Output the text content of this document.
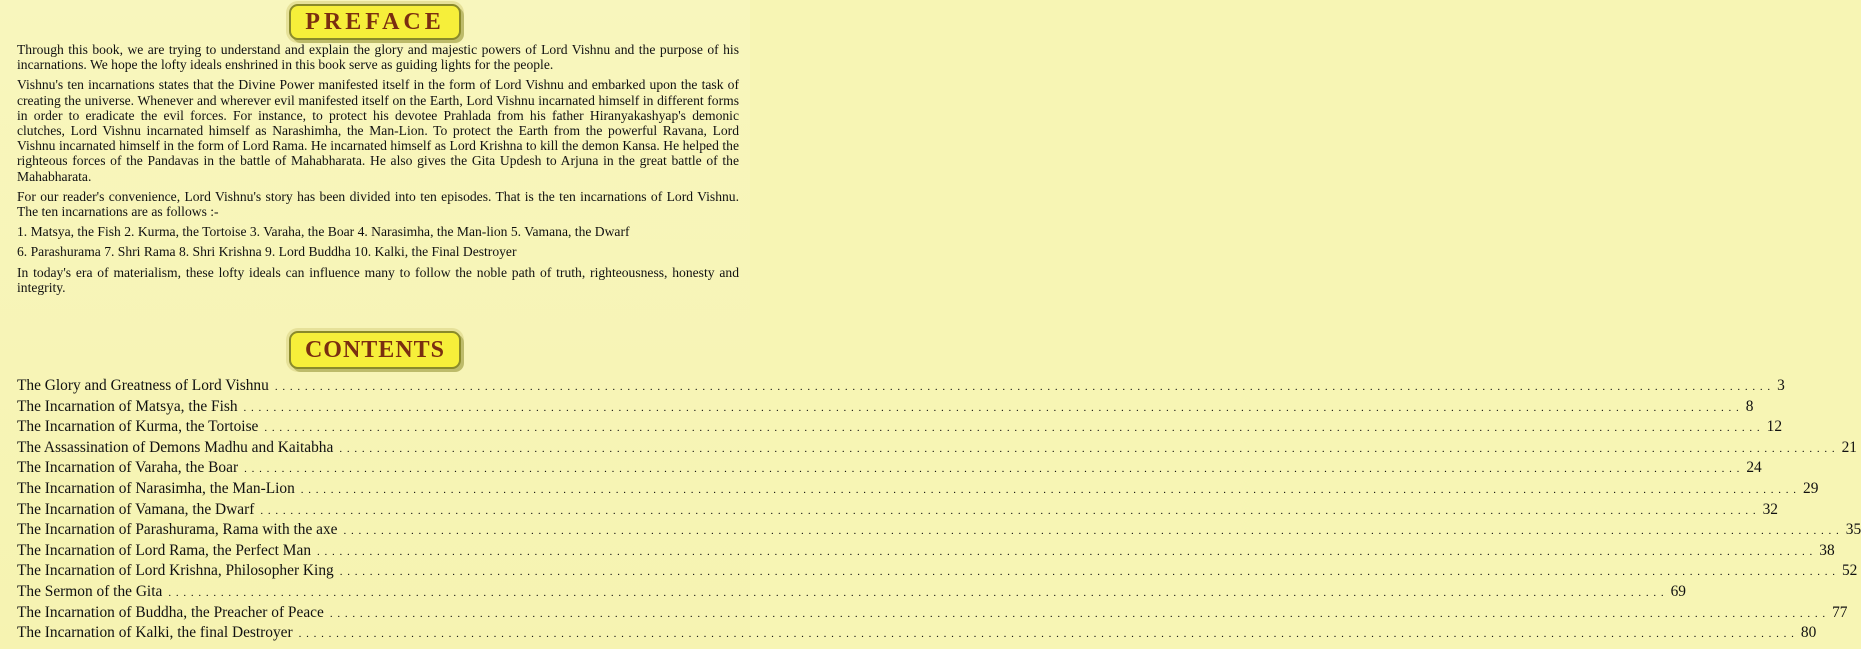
PREFACE

Through this book, we are trying to understand and explain the glory and majestic powers of Lord Vishnu and the purpose of his incarnations. We hope the lofty ideals enshrined in this book serve as guiding lights for the people.

Vishnu's ten incarnations states that the Divine Power manifested itself in the form of Lord Vishnu and embarked upon the task of creating the universe. Whenever and wherever evil manifested itself on the Earth, Lord Vishnu incarnated himself in different forms in order to eradicate the evil forces. For instance, to protect his devotee Prahlada from his father Hiranyakashyap's demonic clutches, Lord Vishnu incarnated himself as Narashimha, the Man-Lion. To protect the Earth from the powerful Ravana, Lord Vishnu incarnated himself in the form of Lord Rama. He incarnated himself as Lord Krishna to kill the demon Kansa. He helped the righteous forces of the Pandavas in the battle of Mahabharata. He also gives the Gita Updesh to Arjuna in the great battle of the Mahabharata.

For our reader's convenience, Lord Vishnu's story has been divided into ten episodes. That is the ten incarnations of Lord Vishnu. The ten incarnations are as follows :-

1. Matsya, the Fish 2. Kurma, the Tortoise 3. Varaha, the Boar 4. Narasimha, the Man-lion 5. Vamana, the Dwarf

6. Parashurama 7. Shri Rama 8. Shri Krishna 9. Lord Buddha 10. Kalki, the Final Destroyer

In today's era of materialism, these lofty ideals can influence many to follow the noble path of truth, righteousness, honesty and integrity.

CONTENTS
The Glory and Greatness of Lord Vishnu . . . . . . . . . . . . . . . . . . . . . . . . . . . . . . . . . . . . . . . . . . . . . . . . . . . . . . . . . . . . . . . . . . . . . . . . . . . . . . . . . . . . . . . . . . . . . . . . . . . . . . . . . . . . . . . . . . . . . . . . . . . . . . . . . . . . . . . . . . . . . . . . . . . . . . . . . . . . . . . . . . . . . . . . . . . . . . . . . . . . . . . . . . . . . . . . . . . . . . . . 3
The Incarnation of Matsya, the Fish . . . . . . . . . . . . . . . . . . . . . . . . . . . . . . . . . . . . . . . . . . . . . . . . . . . . . . . . . . . . . . . . . . . . . . . . . . . . . . . . . . . . . . . . . . . . . . . . . . . . . . . . . . . . . . . . . . . . . . . . . . . . . . . . . . . . . . . . . . . . . . . . . . . . . . . . . . . . . . . . . . . . . . . . . . . . . . . . . . . . . . . . . . . . . . . . . . . . . . . . 8
The Incarnation of Kurma, the Tortoise . . . . . . . . . . . . . . . . . . . . . . . . . . . . . . . . . . . . . . . . . . . . . . . . . . . . . . . . . . . . . . . . . . . . . . . . . . . . . . . . . . . . . . . . . . . . . . . . . . . . . . . . . . . . . . . . . . . . . . . . . . . . . . . . . . . . . . . . . . . . . . . . . . . . . . . . . . . . . . . . . . . . . . . . . . . . . . . . . . . . . . . . . . . . . . . . . . . . . . . . 12
The Assassination of Demons Madhu and Kaitabha . . . . . . . . . . . . . . . . . . . . . . . . . . . . . . . . . . . . . . . . . . . . . . . . . . . . . . . . . . . . . . . . . . . . . . . . . . . . . . . . . . . . . . . . . . . . . . . . . . . . . . . . . . . . . . . . . . . . . . . . . . . . . . . . . . . . . . . . . . . . . . . . . . . . . . . . . . . . . . . . . . . . . . . . . . . . . . . . . . . . . . . . . . . . . . . . . . . . . . . . 21
The Incarnation of Varaha, the Boar . . . . . . . . . . . . . . . . . . . . . . . . . . . . . . . . . . . . . . . . . . . . . . . . . . . . . . . . . . . . . . . . . . . . . . . . . . . . . . . . . . . . . . . . . . . . . . . . . . . . . . . . . . . . . . . . . . . . . . . . . . . . . . . . . . . . . . . . . . . . . . . . . . . . . . . . . . . . . . . . . . . . . . . . . . . . . . . . . . . . . . . . . . . . . . . . . . . . . . . . 24
The Incarnation of Narasimha, the Man-Lion . . . . . . . . . . . . . . . . . . . . . . . . . . . . . . . . . . . . . . . . . . . . . . . . . . . . . . . . . . . . . . . . . . . . . . . . . . . . . . . . . . . . . . . . . . . . . . . . . . . . . . . . . . . . . . . . . . . . . . . . . . . . . . . . . . . . . . . . . . . . . . . . . . . . . . . . . . . . . . . . . . . . . . . . . . . . . . . . . . . . . . . . . . . . . . . . . . . . . . . . 29
The Incarnation of Vamana, the Dwarf . . . . . . . . . . . . . . . . . . . . . . . . . . . . . . . . . . . . . . . . . . . . . . . . . . . . . . . . . . . . . . . . . . . . . . . . . . . . . . . . . . . . . . . . . . . . . . . . . . . . . . . . . . . . . . . . . . . . . . . . . . . . . . . . . . . . . . . . . . . . . . . . . . . . . . . . . . . . . . . . . . . . . . . . . . . . . . . . . . . . . . . . . . . . . . . . . . . . . . . . 32
The Incarnation of Parashurama, Rama with the axe . . . . . . . . . . . . . . . . . . . . . . . . . . . . . . . . . . . . . . . . . . . . . . . . . . . . . . . . . . . . . . . . . . . . . . . . . . . . . . . . . . . . . . . . . . . . . . . . . . . . . . . . . . . . . . . . . . . . . . . . . . . . . . . . . . . . . . . . . . . . . . . . . . . . . . . . . . . . . . . . . . . . . . . . . . . . . . . . . . . . . . . . . . . . . . . . . . . . . . . . 35
The Incarnation of Lord Rama, the Perfect Man . . . . . . . . . . . . . . . . . . . . . . . . . . . . . . . . . . . . . . . . . . . . . . . . . . . . . . . . . . . . . . . . . . . . . . . . . . . . . . . . . . . . . . . . . . . . . . . . . . . . . . . . . . . . . . . . . . . . . . . . . . . . . . . . . . . . . . . . . . . . . . . . . . . . . . . . . . . . . . . . . . . . . . . . . . . . . . . . . . . . . . . . . . . . . . . . . . . . . . . . 38
The Incarnation of Lord Krishna, Philosopher King . . . . . . . . . . . . . . . . . . . . . . . . . . . . . . . . . . . . . . . . . . . . . . . . . . . . . . . . . . . . . . . . . . . . . . . . . . . . . . . . . . . . . . . . . . . . . . . . . . . . . . . . . . . . . . . . . . . . . . . . . . . . . . . . . . . . . . . . . . . . . . . . . . . . . . . . . . . . . . . . . . . . . . . . . . . . . . . . . . . . . . . . . . . . . . . . . . . . . . . . 52
The Sermon of the Gita . . . . . . . . . . . . . . . . . . . . . . . . . . . . . . . . . . . . . . . . . . . . . . . . . . . . . . . . . . . . . . . . . . . . . . . . . . . . . . . . . . . . . . . . . . . . . . . . . . . . . . . . . . . . . . . . . . . . . . . . . . . . . . . . . . . . . . . . . . . . . . . . . . . . . . . . . . . . . . . . . . . . . . . . . . . . . . . . . . . . . . . . . . . . . . . . . . . . . . . . 69
The Incarnation of Buddha, the Preacher of Peace . . . . . . . . . . . . . . . . . . . . . . . . . . . . . . . . . . . . . . . . . . . . . . . . . . . . . . . . . . . . . . . . . . . . . . . . . . . . . . . . . . . . . . . . . . . . . . . . . . . . . . . . . . . . . . . . . . . . . . . . . . . . . . . . . . . . . . . . . . . . . . . . . . . . . . . . . . . . . . . . . . . . . . . . . . . . . . . . . . . . . . . . . . . . . . . . . . . . . . . . 77
The Incarnation of Kalki, the final Destroyer . . . . . . . . . . . . . . . . . . . . . . . . . . . . . . . . . . . . . . . . . . . . . . . . . . . . . . . . . . . . . . . . . . . . . . . . . . . . . . . . . . . . . . . . . . . . . . . . . . . . . . . . . . . . . . . . . . . . . . . . . . . . . . . . . . . . . . . . . . . . . . . . . . . . . . . . . . . . . . . . . . . . . . . . . . . . . . . . . . . . . . . . . . . . . . . . . . . . . . . . 80
